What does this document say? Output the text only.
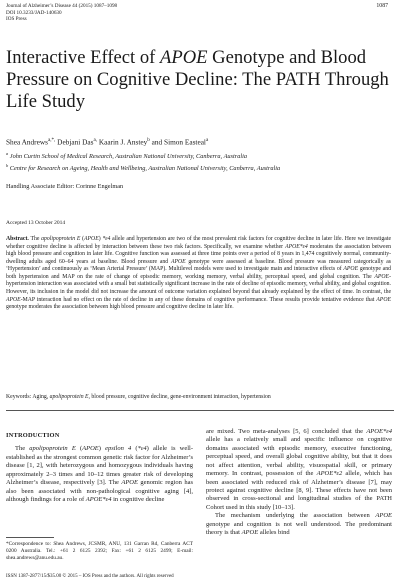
Journal of Alzheimer’s Disease 44 (2015) 1087–1098
DOI 10.3233/JAD-140630
IOS Press
1087
Interactive Effect of APOE Genotype and Blood Pressure on Cognitive Decline: The PATH Through Life Study
Shea Andrews$^{a,*,}$ Debjani Das$^{a,}$ Kaarin J. Anstey$^b$ and Simon Easteal$^a$
$^a$ John Curtin School of Medical Research, Australian National University, Canberra, Australia
$^b$ Centre for Research on Ageing, Health and Wellbeing, Australian National University, Canberra, Australia
Handling Associate Editor: Corinne Engelman
Accepted 13 October 2014
Abstract. The apolipoprotein E (APOE) *ε4 allele and hypertension are two of the most prevalent risk factors for cognitive decline in later life. Here we investigate whether cognitive decline is affected by interaction between these two risk factors. Specifically, we examine whether APOE*ε4 moderates the association between high blood pressure and cognition in later life. Cognitive function was assessed at three time points over a period of 8 years in 1,474 cognitively normal, community-dwelling adults aged 60–64 years at baseline. Blood pressure and APOE genotype were assessed at baseline. Blood pressure was measured categorically as ‘Hypertension’ and continuously as ‘Mean Arterial Pressure’ (MAP). Multilevel models were used to investigate main and interactive effects of APOE genotype and both hypertension and MAP on the rate of change of episodic memory, working memory, verbal ability, perceptual speed, and global cognition. The APOE-hypertension interaction was associated with a small but statistically significant increase in the rate of decline of episodic memory, verbal ability, and global cognition. However, its inclusion in the model did not increase the amount of outcome variation explained beyond that already explained by the effect of time. In contrast, the APOE-MAP interaction had no effect on the rate of decline in any of these domains of cognitive performance. These results provide tentative evidence that APOE genotype moderates the association between high blood pressure and cognitive decline in later life.
Keywords: Aging, apolipoprotein E, blood pressure, cognitive decline, gene-environment interaction, hypertension
INTRODUCTION
The apolipoprotein E (APOE) epsilon 4 (*ε4) allele is well-established as the strongest common genetic risk factor for Alzheimer’s disease [1, 2], with heterozygous and homozygous individuals having approximately 2–3 times and 10–12 times greater risk of developing Alzheimer’s disease, respectively [3]. The APOE genomic region has also been associated with non-pathological cognitive aging [4], although findings for a role of APOE*ε4 in cognitive decline
are mixed. Two meta-analyses [5, 6] concluded that the APOE*ε4 allele has a relatively small and specific influence on cognitive domains associated with episodic memory, executive functioning, perceptual speed, and overall global cognitive ability, but that it does not affect attention, verbal ability, visuospatial skill, or primary memory. In contrast, possession of the APOE*ε2 allele, which has been associated with reduced risk of Alzheimer’s disease [7], may protect against cognitive decline [8, 9]. These effects have not been observed in cross-sectional and longitudinal studies of the PATH Cohort used in this study [10–13].
The mechanism underlying the association between APOE genotype and cognition is not well understood. The predominant theory is that APOE alleles bind
*Correspondence to: Shea Andrews, JCSMR, ANU, 131 Garran Rd, Canberra ACT 0200 Australia. Tel.: +61 2 6125 2392; Fax: +61 2 6125 2499; E-mail: shea.andrews@anu.edu.au.
ISSN 1387-2877/15/$35.00 © 2015 – IOS Press and the authors. All rights reserved
